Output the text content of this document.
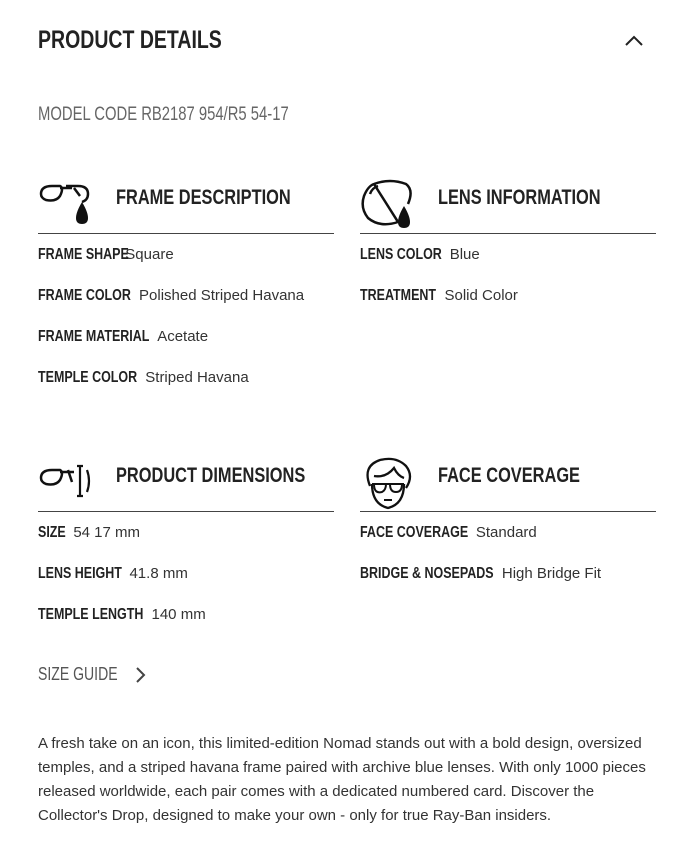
PRODUCT DETAILS
MODEL CODE RB2187 954/R5 54-17
FRAME DESCRIPTION
FRAME SHAPE
Square
FRAME COLOR Polished Striped Havana
FRAME MATERIAL Acetate
TEMPLE COLOR Striped Havana
LENS INFORMATION
LENS COLOR Blue
TREATMENT Solid Color
PRODUCT DIMENSIONS
SIZE 54 17 mm
LENS HEIGHT 41.8 mm
TEMPLE LENGTH 140 mm
FACE COVERAGE
FACE COVERAGE Standard
BRIDGE & NOSEPADS High Bridge Fit
SIZE GUIDE

A fresh take on an icon, this limited-edition Nomad stands out with a bold design, oversized temples, and a striped havana frame paired with archive blue lenses. With only 1000 pieces released worldwide, each pair comes with a dedicated numbered card. Discover the Collector's Drop, designed to make your own - only for true Ray-Ban insiders.
